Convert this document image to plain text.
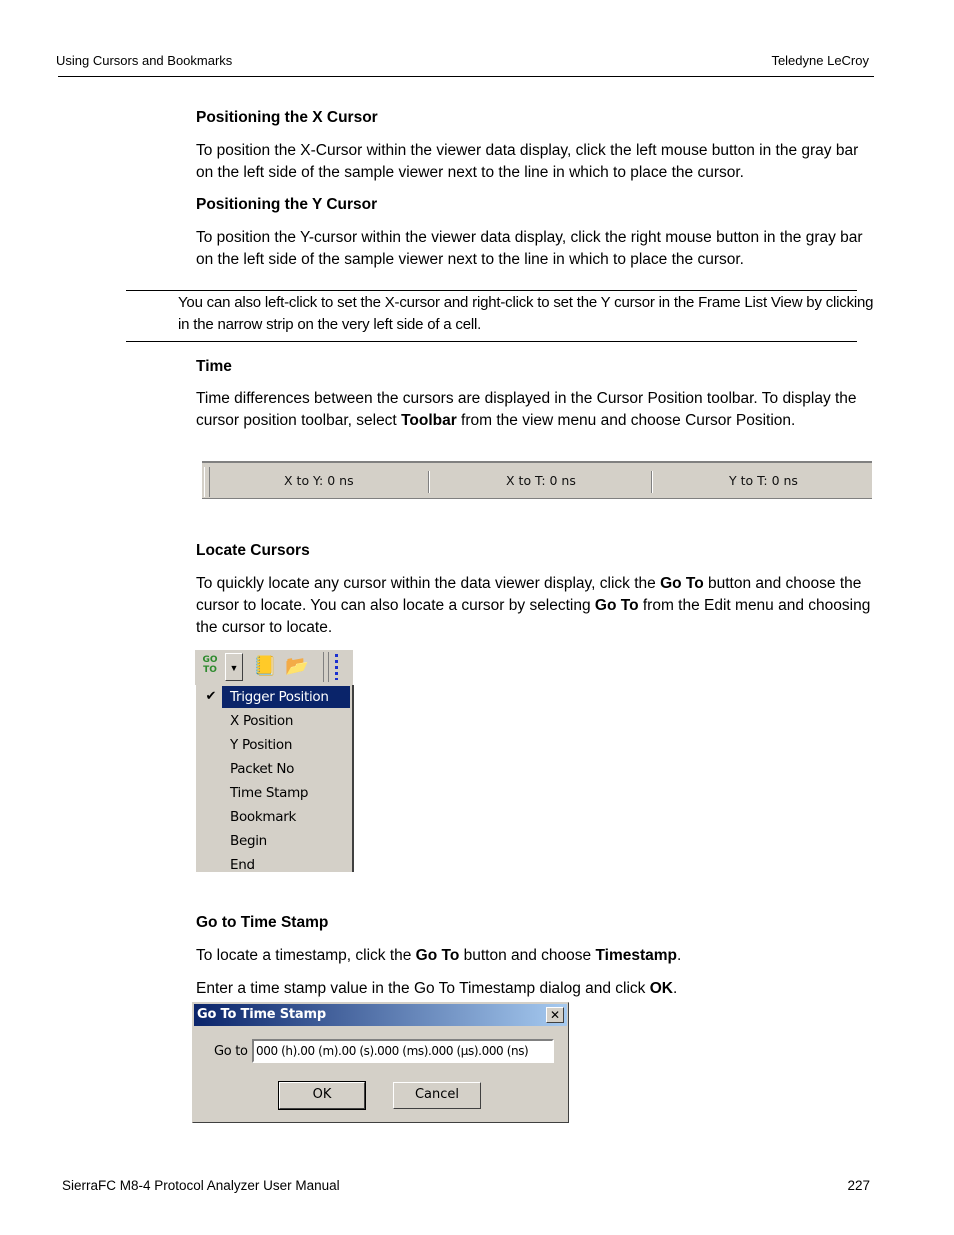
Using Cursors and Bookmarks	Teledyne LeCroy
Positioning the X Cursor
To position the X-Cursor within the viewer data display, click the left mouse button in the gray bar on the left side of the sample viewer next to the line in which to place the cursor.
Positioning the Y Cursor
To position the Y-cursor within the viewer data display, click the right mouse button in the gray bar on the left side of the sample viewer next to the line in which to place the cursor.
You can also left-click to set the X-cursor and right-click to set the Y cursor in the Frame List View by clicking in the narrow strip on the very left side of a cell.
Time
Time differences between the cursors are displayed in the Cursor Position toolbar. To display the cursor position toolbar, select Toolbar from the view menu and choose Cursor Position.
X to Y: 0 ns	X to T: 0 ns	Y to T: 0 ns
Locate Cursors
To quickly locate any cursor within the data viewer display, click the Go To button and choose the cursor to locate. You can also locate a cursor by selecting Go To from the Edit menu and choosing the cursor to locate.
GO
TO	▼ 📒 📂
✔	Trigger Position
X Position
Y Position
Packet No
Time Stamp
Bookmark
Begin
End
Go to Time Stamp
To locate a timestamp, click the Go To button and choose Timestamp.
Enter a time stamp value in the Go To Timestamp dialog and click OK.
Go To Time Stamp	✕
Go to 000 (h).00 (m).00 (s).000 (ms).000 (µs).000 (ns)
OK	Cancel
SierraFC M8-4 Protocol Analyzer User Manual	227
